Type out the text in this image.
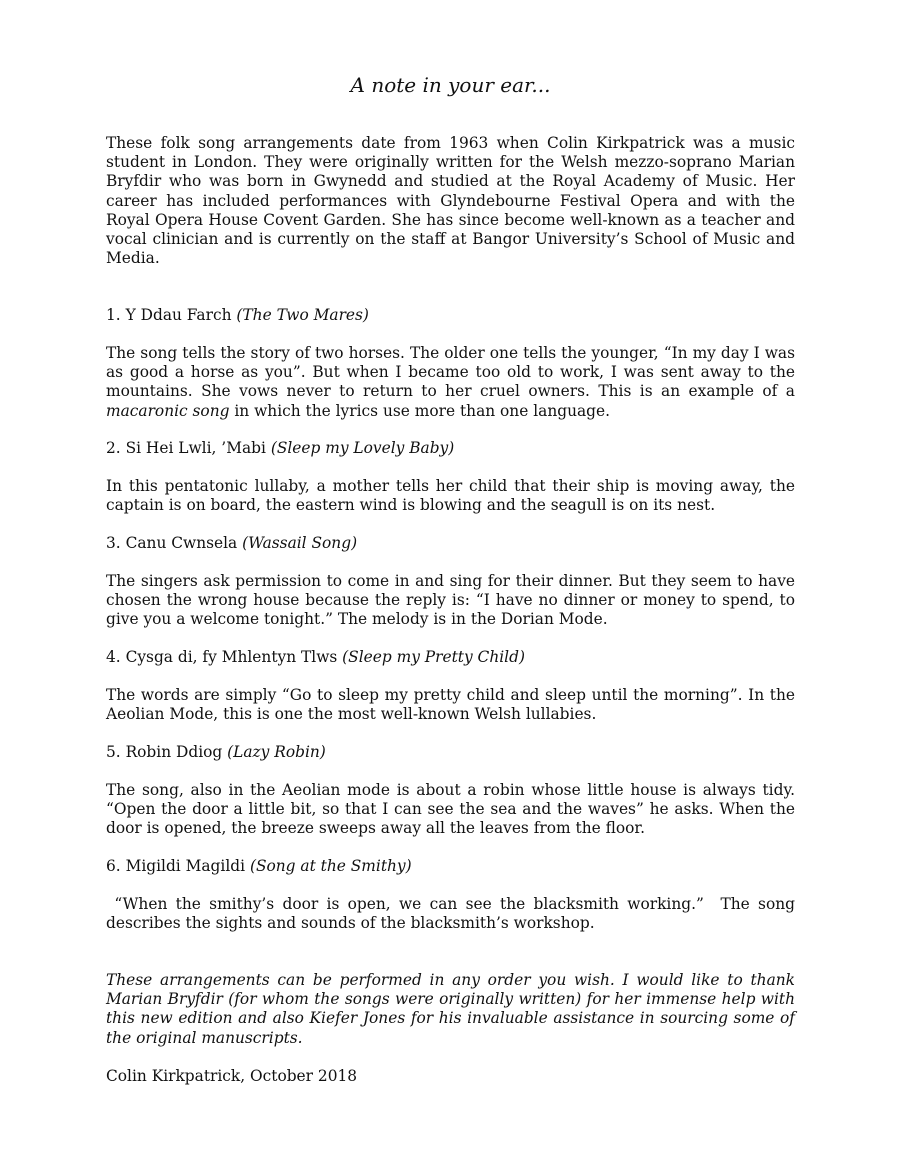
A note in your ear...

These folk song arrangements date from 1963 when Colin Kirkpatrick was a music student in London. They were originally written for the Welsh mezzo-soprano Marian Bryfdir who was born in Gwynedd and studied at the Royal Academy of Music. Her career has included performances with Glyndebourne Festival Opera and with the Royal Opera House Covent Garden. She has since become well-known as a teacher and vocal clinician and is currently on the staff at Bangor University’s School of Music and Media.

1. Y Ddau Farch (The Two Mares)

The song tells the story of two horses. The older one tells the younger, “In my day I was as good a horse as you”. But when I became too old to work, I was sent away to the mountains. She vows never to return to her cruel owners. This is an example of a macaronic song in which the lyrics use more than one language.

2. Si Hei Lwli, ’Mabi (Sleep my Lovely Baby)

In this pentatonic lullaby, a mother tells her child that their ship is moving away, the captain is on board, the eastern wind is blowing and the seagull is on its nest.

3. Canu Cwnsela (Wassail Song)

The singers ask permission to come in and sing for their dinner. But they seem to have chosen the wrong house because the reply is: “I have no dinner or money to spend, to give you a welcome tonight.” The melody is in the Dorian Mode.

4. Cysga di, fy Mhlentyn Tlws (Sleep my Pretty Child)

The words are simply “Go to sleep my pretty child and sleep until the morning”. In the Aeolian Mode, this is one the most well-known Welsh lullabies.

5. Robin Ddiog (Lazy Robin)

The song, also in the Aeolian mode is about a robin whose little house is always tidy. “Open the door a little bit, so that I can see the sea and the waves” he asks. When the door is opened, the breeze sweeps away all the leaves from the floor.

6. Migildi Magildi (Song at the Smithy)

“When the smithy’s door is open, we can see the blacksmith working.”  The song describes the sights and sounds of the blacksmith’s workshop.

These arrangements can be performed in any order you wish. I would like to thank Marian Bryfdir (for whom the songs were originally written) for her immense help with this new edition and also Kiefer Jones for his invaluable assistance in sourcing some of the original manuscripts.

Colin Kirkpatrick, October 2018
